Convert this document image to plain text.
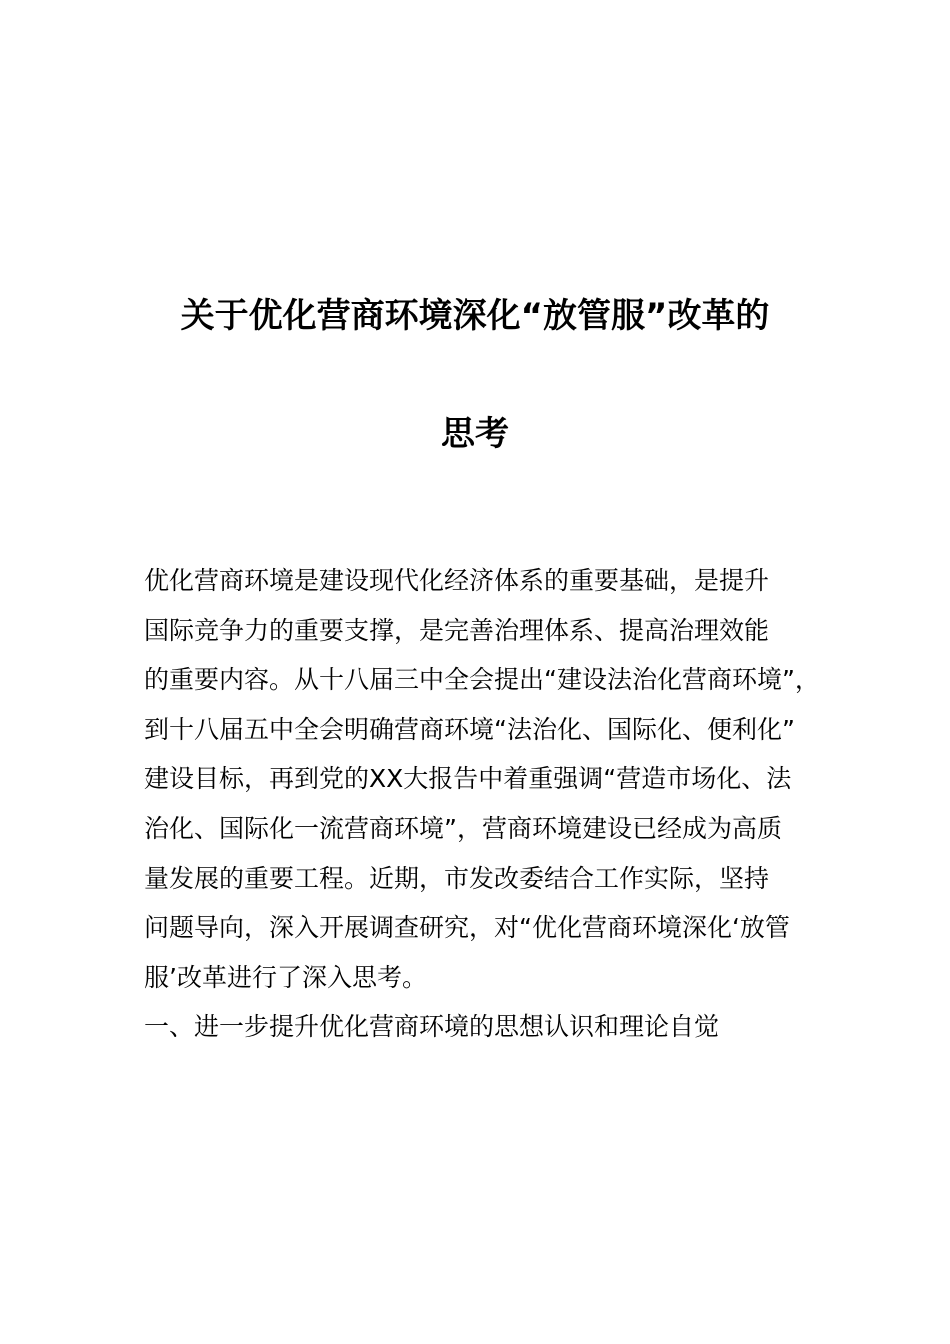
关于优化营商环境深化“放管服”改革的
思考
优化营商环境是建设现代化经济体系的重要基础，是提升
国际竞争力的重要支撑，是完善治理体系、提高治理效能
的重要内容。从十八届三中全会提出“建设法治化营商环境”，
到十八届五中全会明确营商环境“法治化、国际化、便利化”
建设目标，再到党的XX大报告中着重强调“营造市场化、法
治化、国际化一流营商环境”，营商环境建设已经成为高质
量发展的重要工程。近期，市发改委结合工作实际，坚持
问题导向，深入开展调查研究，对“优化营商环境深化‘放管
服’改革进行了深入思考。
一、进一步提升优化营商环境的思想认识和理论自觉
